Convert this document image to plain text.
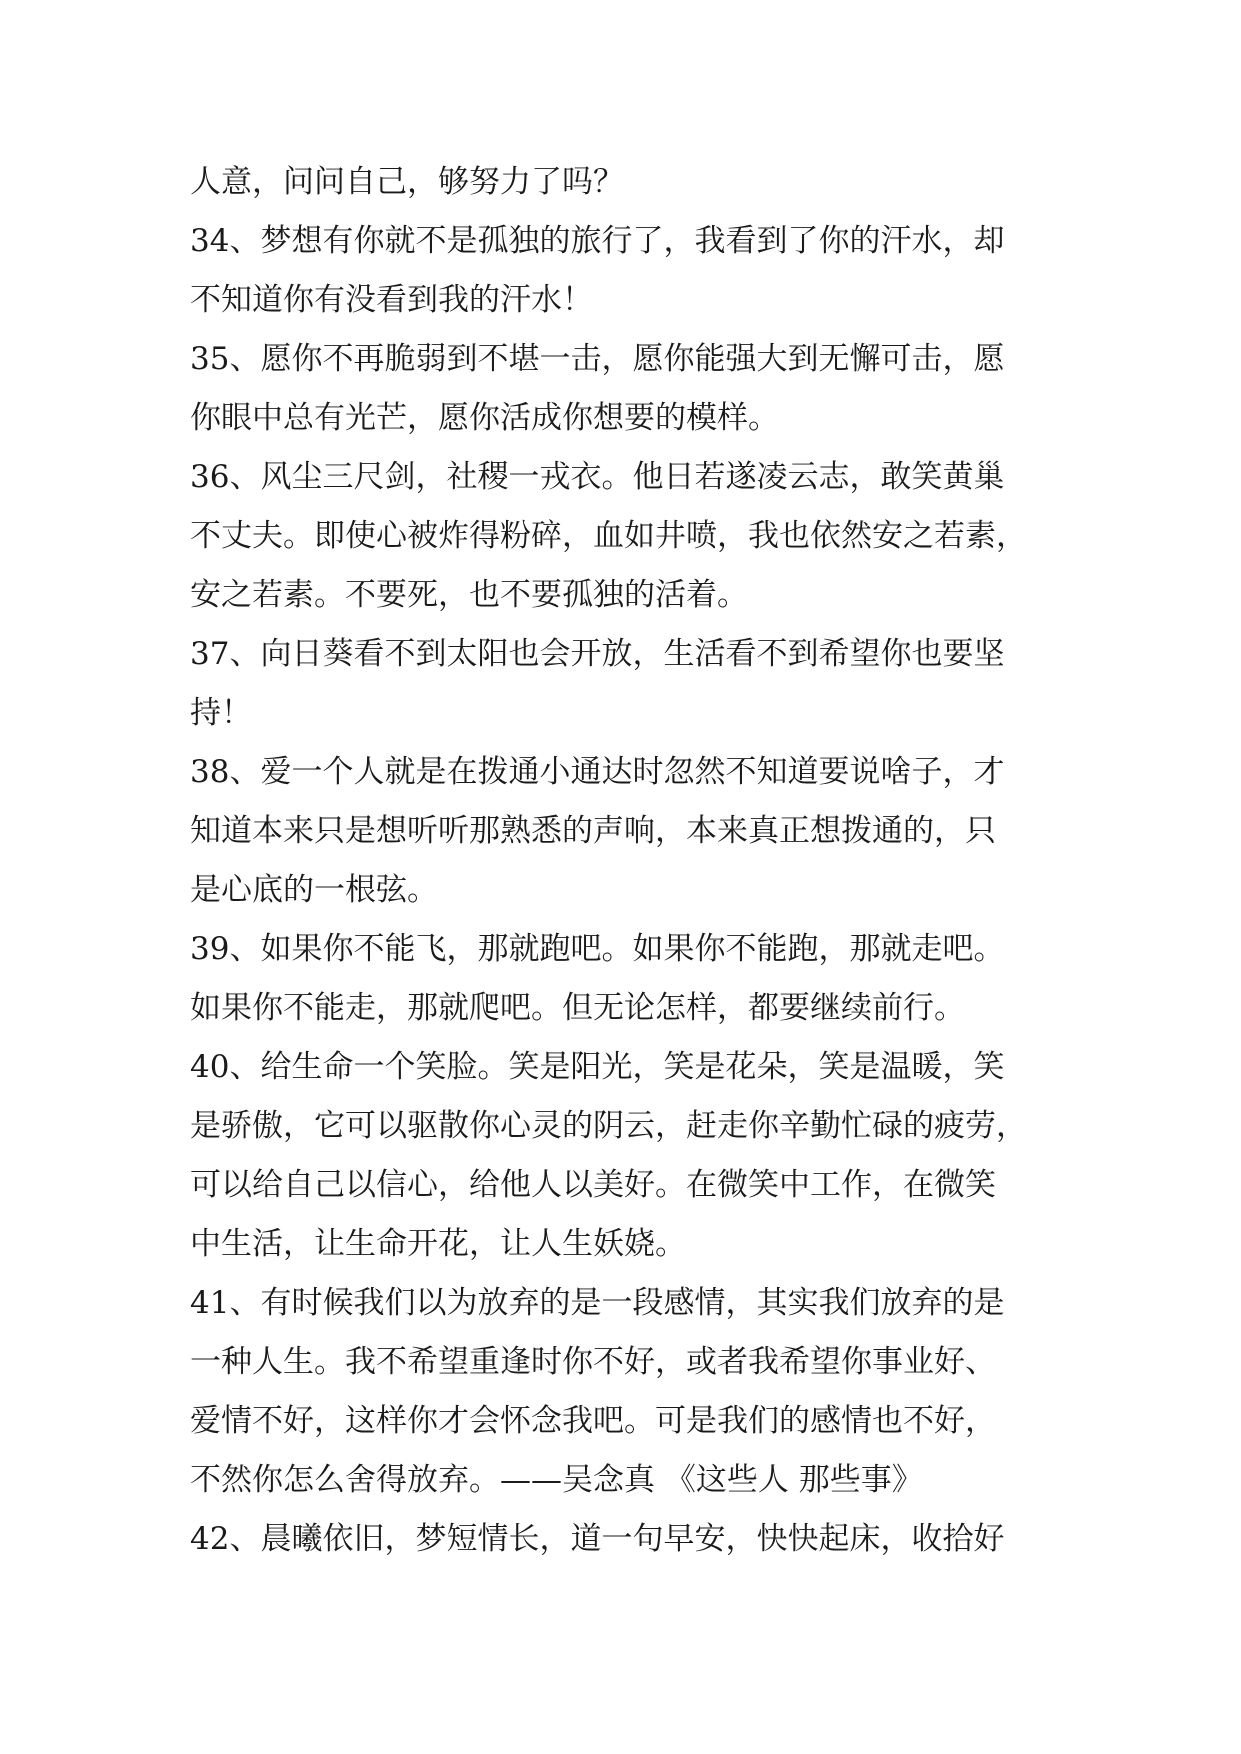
人意，问问自己，够努力了吗？
34、梦想有你就不是孤独的旅行了，我看到了你的汗水，却
不知道你有没看到我的汗水！
35、愿你不再脆弱到不堪一击，愿你能强大到无懈可击，愿
你眼中总有光芒，愿你活成你想要的模样。
36、风尘三尺剑，社稷一戎衣。他日若遂凌云志，敢笑黄巢
不丈夫。即使心被炸得粉碎，血如井喷，我也依然安之若素，
安之若素。不要死，也不要孤独的活着。
37、向日葵看不到太阳也会开放，生活看不到希望你也要坚
持！
38、爱一个人就是在拨通小通达时忽然不知道要说啥子，才
知道本来只是想听听那熟悉的声响，本来真正想拨通的，只
是心底的一根弦。
39、如果你不能飞，那就跑吧。如果你不能跑，那就走吧。
如果你不能走，那就爬吧。但无论怎样，都要继续前行。
40、给生命一个笑脸。笑是阳光，笑是花朵，笑是温暖，笑
是骄傲，它可以驱散你心灵的阴云，赶走你辛勤忙碌的疲劳，
可以给自己以信心，给他人以美好。在微笑中工作，在微笑
中生活，让生命开花，让人生妖娆。
41、有时候我们以为放弃的是一段感情，其实我们放弃的是
一种人生。我不希望重逢时你不好，或者我希望你事业好、
爱情不好，这样你才会怀念我吧。可是我们的感情也不好，
不然你怎么舍得放弃。——吴念真 《这些人 那些事》
42、晨曦依旧，梦短情长，道一句早安，快快起床，收拾好
